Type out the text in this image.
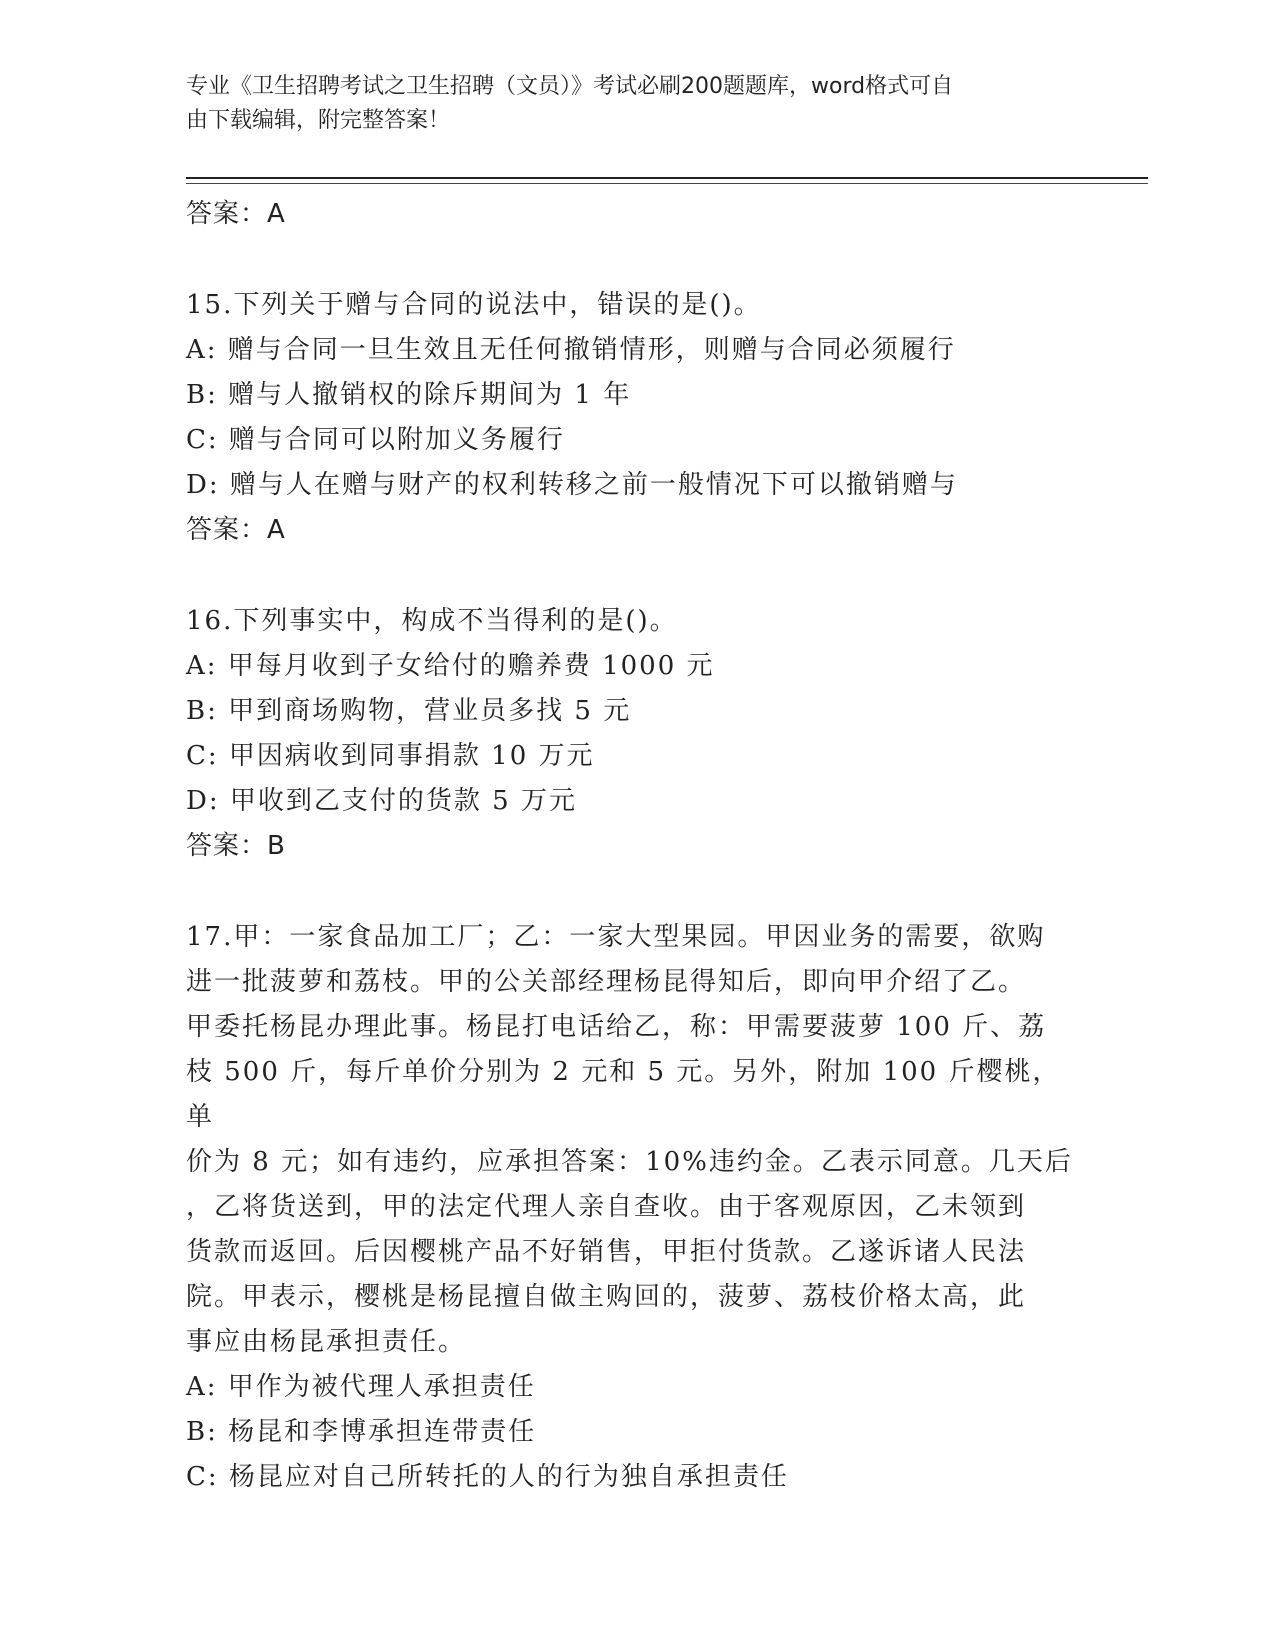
专业《卫生招聘考试之卫生招聘（文员）》考试必刷200题题库，word格式可自
由下载编辑，附完整答案！
答案：A
15.下列关于赠与合同的说法中，错误的是()。
A: 赠与合同一旦生效且无任何撤销情形，则赠与合同必须履行
B: 赠与人撤销权的除斥期间为 1 年
C: 赠与合同可以附加义务履行
D: 赠与人在赠与财产的权利转移之前一般情况下可以撤销赠与
答案：A
16.下列事实中，构成不当得利的是()。
A: 甲每月收到子女给付的赡养费 1000 元
B: 甲到商场购物，营业员多找 5 元
C: 甲因病收到同事捐款 10 万元
D: 甲收到乙支付的货款 5 万元
答案：B
17.甲：一家食品加工厂；乙：一家大型果园。甲因业务的需要，欲购
进一批菠萝和荔枝。甲的公关部经理杨昆得知后，即向甲介绍了乙。
甲委托杨昆办理此事。杨昆打电话给乙，称：甲需要菠萝 100 斤、荔
枝 500 斤，每斤单价分别为 2 元和 5 元。另外，附加 100 斤樱桃，单
价为 8 元；如有违约，应承担答案：10%违约金。乙表示同意。几天后
，乙将货送到，甲的法定代理人亲自查收。由于客观原因，乙未领到
货款而返回。后因樱桃产品不好销售，甲拒付货款。乙遂诉诸人民法
院。甲表示，樱桃是杨昆擅自做主购回的，菠萝、荔枝价格太高，此
事应由杨昆承担责任。
A: 甲作为被代理人承担责任
B: 杨昆和李博承担连带责任
C: 杨昆应对自己所转托的人的行为独自承担责任
